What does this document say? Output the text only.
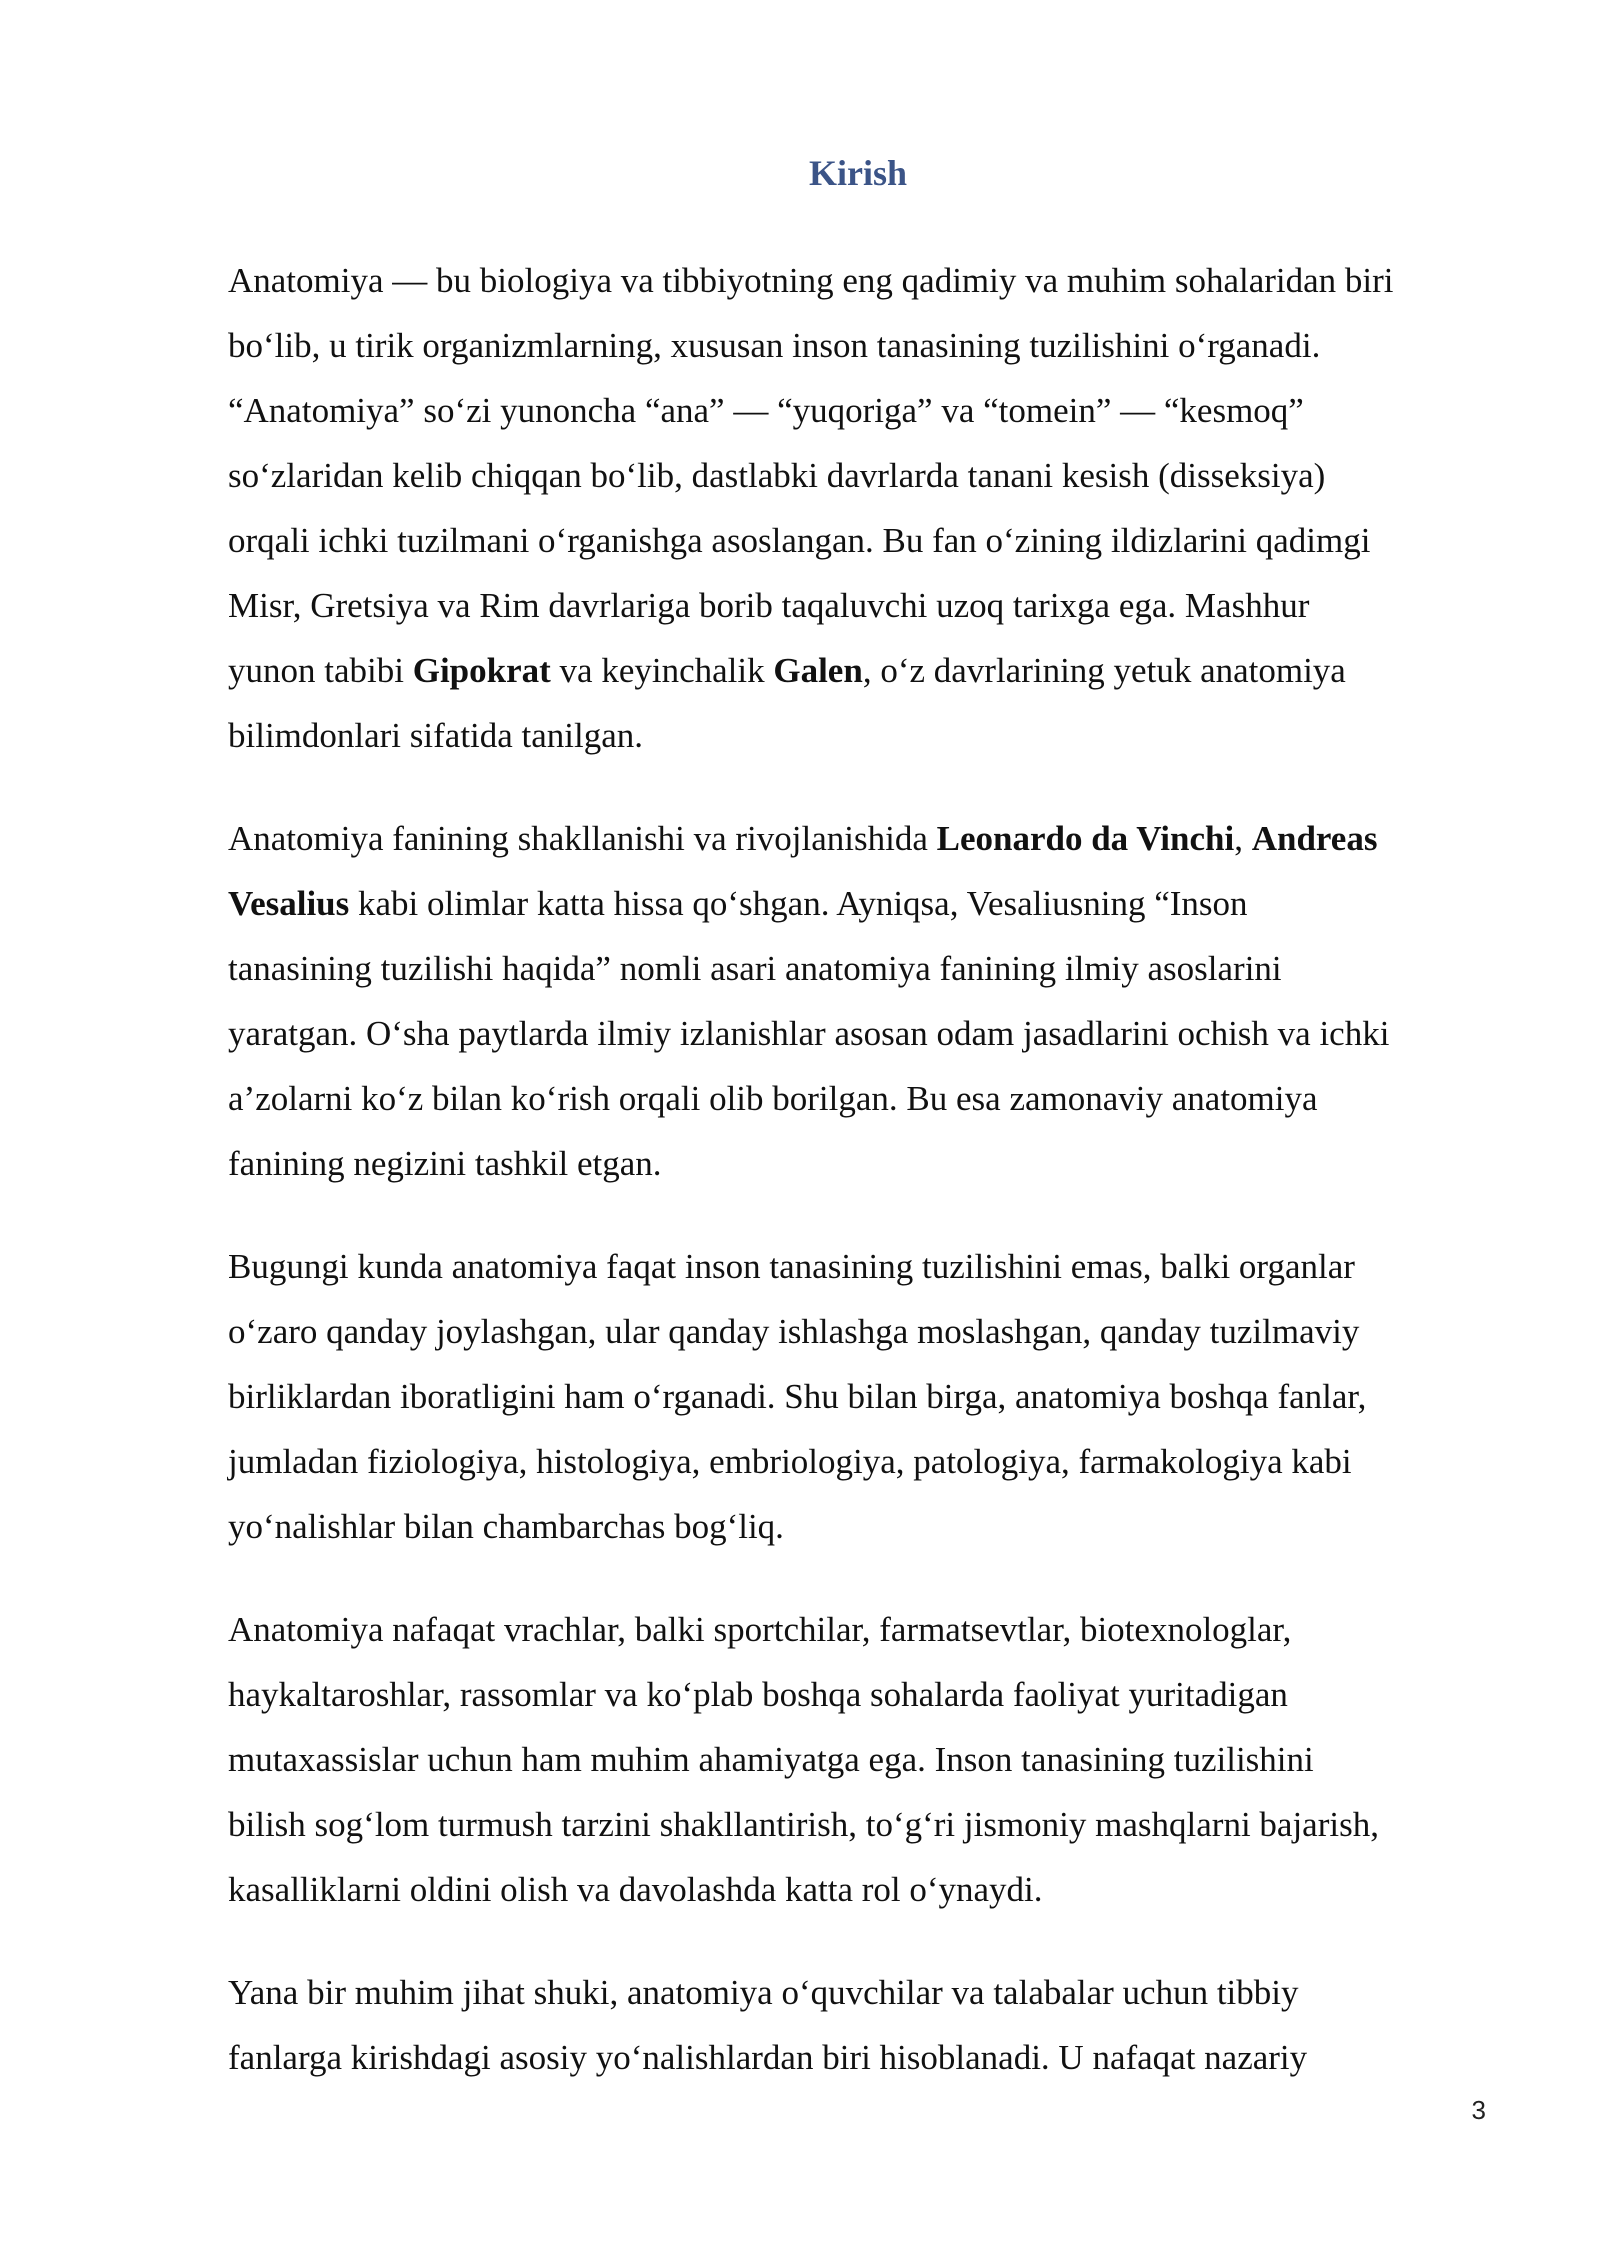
Kirish

Anatomiya — bu biologiya va tibbiyotning eng qadimiy va muhim sohalaridan biri
bo‘lib, u tirik organizmlarning, xususan inson tanasining tuzilishini o‘rganadi.
“Anatomiya” so‘zi yunoncha “ana” — “yuqoriga” va “tomein” — “kesmoq”
so‘zlaridan kelib chiqqan bo‘lib, dastlabki davrlarda tanani kesish (disseksiya)
orqali ichki tuzilmani o‘rganishga asoslangan. Bu fan o‘zining ildizlarini qadimgi
Misr, Gretsiya va Rim davrlariga borib taqaluvchi uzoq tarixga ega. Mashhur
yunon tabibi Gipokrat va keyinchalik Galen, o‘z davrlarining yetuk anatomiya
bilimdonlari sifatida tanilgan.

Anatomiya fanining shakllanishi va rivojlanishida Leonardo da Vinchi, Andreas
Vesalius kabi olimlar katta hissa qo‘shgan. Ayniqsa, Vesaliusning “Inson
tanasining tuzilishi haqida” nomli asari anatomiya fanining ilmiy asoslarini
yaratgan. O‘sha paytlarda ilmiy izlanishlar asosan odam jasadlarini ochish va ichki
a’zolarni ko‘z bilan ko‘rish orqali olib borilgan. Bu esa zamonaviy anatomiya
fanining negizini tashkil etgan.

Bugungi kunda anatomiya faqat inson tanasining tuzilishini emas, balki organlar
o‘zaro qanday joylashgan, ular qanday ishlashga moslashgan, qanday tuzilmaviy
birliklardan iboratligini ham o‘rganadi. Shu bilan birga, anatomiya boshqa fanlar,
jumladan fiziologiya, histologiya, embriologiya, patologiya, farmakologiya kabi
yo‘nalishlar bilan chambarchas bog‘liq.

Anatomiya nafaqat vrachlar, balki sportchilar, farmatsevtlar, biotexnologlar,
haykaltaroshlar, rassomlar va ko‘plab boshqa sohalarda faoliyat yuritadigan
mutaxassislar uchun ham muhim ahamiyatga ega. Inson tanasining tuzilishini
bilish sog‘lom turmush tarzini shakllantirish, to‘g‘ri jismoniy mashqlarni bajarish,
kasalliklarni oldini olish va davolashda katta rol o‘ynaydi.

Yana bir muhim jihat shuki, anatomiya o‘quvchilar va talabalar uchun tibbiy
fanlarga kirishdagi asosiy yo‘nalishlardan biri hisoblanadi. U nafaqat nazariy

3
